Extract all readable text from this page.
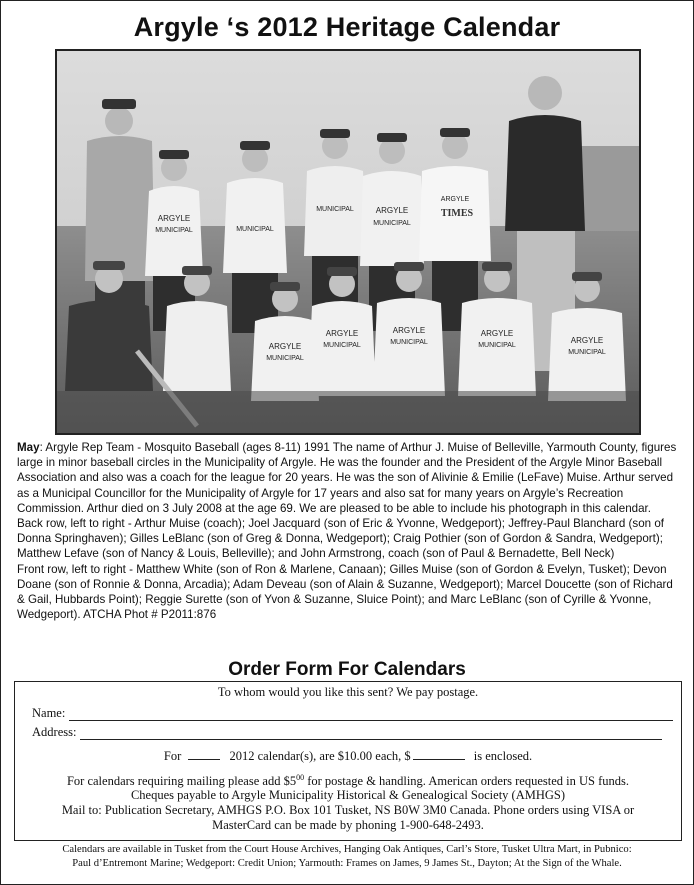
Argyle ‘s 2012 Heritage Calendar
ARGYLE
MUNICIPAL	MUNICIPAL
ARGYLE
MUNICIPAL
TIMES
ARGYLE
MUNICIPAL
ARGYLE
MUNICIPAL
ARGYLE
MUNICIPAL
ARGYLE
MUNICIPAL
ARGYLE
MUNICIPAL
ARGYLE
MUNICIPAL

May: Argyle Rep Team - Mosquito Baseball (ages 8-11) 1991 The name of Arthur J. Muise of Belleville, Yarmouth County, figures large in minor baseball circles in the Municipality of Argyle. He was the founder and the President of the Argyle Minor Baseball Association and also was a coach for the league for 20 years. He was the son of Alivinie & Emilie (LeFave) Muise. Arthur served as a Municipal Councillor for the Municipality of Argyle for 17 years and also sat for many years on Argyle’s Recreation Commission. Arthur died on 3 July 2008 at the age 69. We are pleased to be able to include his photograph in this calendar.

Back row, left to right - Arthur Muise (coach); Joel Jacquard (son of Eric & Yvonne, Wedgeport); Jeffrey-Paul Blanchard (son of Donna Springhaven); Gilles LeBlanc (son of Greg & Donna, Wedgeport); Craig Pothier (son of Gordon & Sandra, Wedgeport); Matthew Lefave (son of Nancy & Louis, Belleville); and John Armstrong, coach (son of Paul & Bernadette, Bell Neck)

Front row, left to right - Matthew White (son of Ron & Marlene, Canaan); Gilles Muise (son of Gordon & Evelyn, Tusket); Devon Doane (son of Ronnie & Donna, Arcadia); Adam Deveau (son of Alain & Suzanne, Wedgeport); Marcel Doucette (son of Richard & Gail, Hubbards Point); Reggie Surette (son of Yvon & Suzanne, Sluice Point); and Marc LeBlanc (son of Cyrille & Yvonne, Wedgeport). ATCHA Phot # P2011:876

Order Form For Calendars
To whom would you like this sent? We pay postage.
Name:
Address:
For	2012 calendar(s), are $10.00 each, $	is enclosed.
For calendars requiring mailing please add $\$5^{00}$ for postage & handling. American orders requested in US funds.
Cheques payable to Argyle Municipality Historical & Genealogical Society (AMHGS)
Mail to: Publication Secretary, AMHGS P.O. Box 101 Tusket, NS B0W 3M0 Canada. Phone orders using VISA or
MasterCard can be made by phoning 1-900-648-2493.
Calendars are available in Tusket from the Court House Archives, Hanging Oak Antiques, Carl’s Store, Tusket Ultra Mart, in Pubnico:
Paul d’Entremont Marine; Wedgeport: Credit Union; Yarmouth: Frames on James, 9 James St., Dayton; At the Sign of the Whale.
